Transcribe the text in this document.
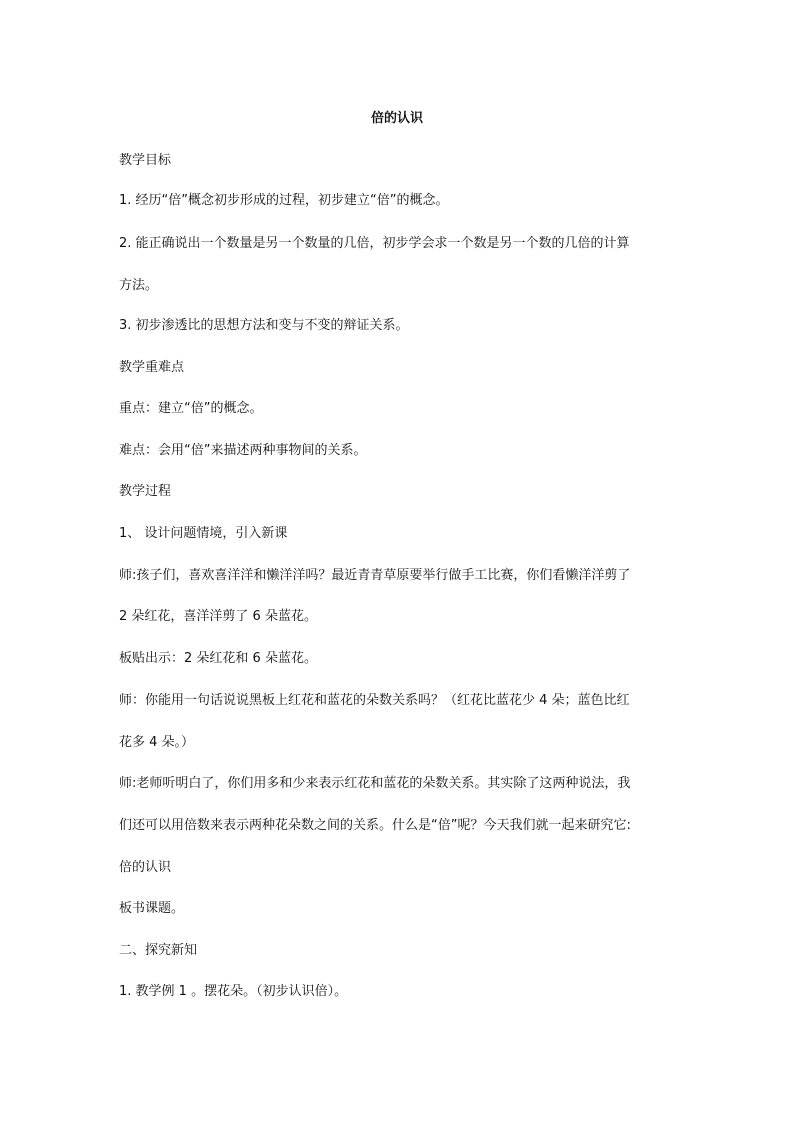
倍的认识
教学目标
1. 经历“倍”概念初步形成的过程，初步建立“倍”的概念。
2. 能正确说出一个数量是另一个数量的几倍，初步学会求一个数是另一个数的几倍的计算
方法。
3. 初步渗透比的思想方法和变与不变的辩证关系。
教学重难点
重点：建立“倍”的概念。
难点：会用“倍”来描述两种事物间的关系。
教学过程
1、 设计问题情境，引入新课
师:孩子们，喜欢喜洋洋和懒洋洋吗？最近青青草原要举行做手工比赛，你们看懒洋洋剪了
2 朵红花，喜洋洋剪了 6 朵蓝花。
板贴出示：2 朵红花和 6 朵蓝花。
师：你能用一句话说说黑板上红花和蓝花的朵数关系吗？（红花比蓝花少 4 朵；蓝色比红
花多 4 朵。）
师:老师听明白了，你们用多和少来表示红花和蓝花的朵数关系。其实除了这两种说法，我
们还可以用倍数来表示两种花朵数之间的关系。什么是“倍”呢？今天我们就一起来研究它:
倍的认识
板书课题。
二、探究新知
1. 教学例 1 。摆花朵。（初步认识倍）。
